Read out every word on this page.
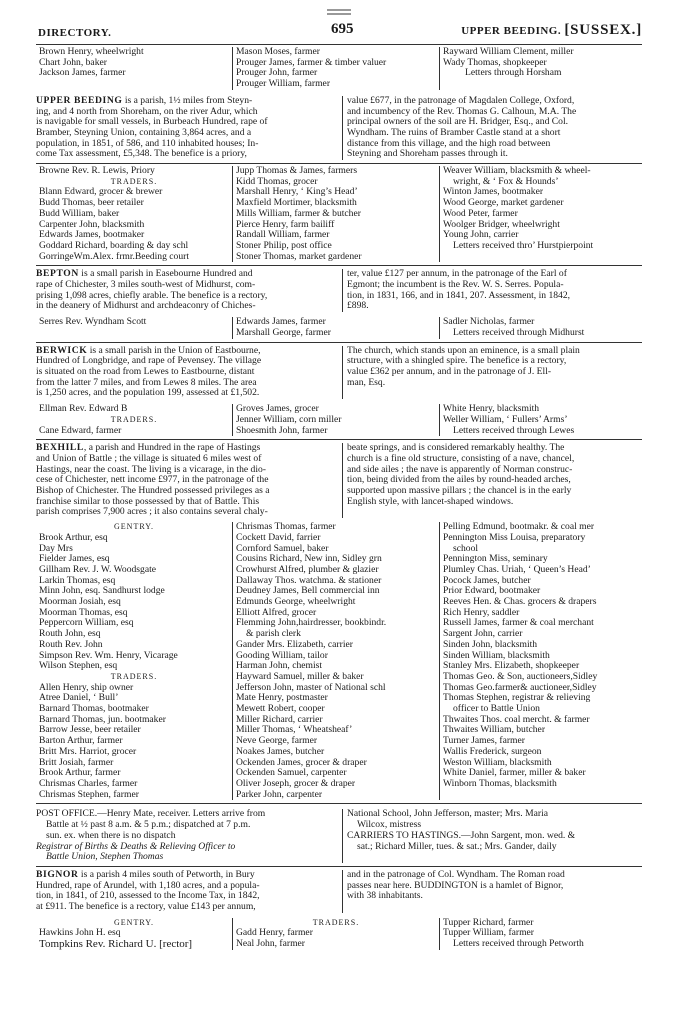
DIRECTORY.	695	UPPER BEEDING. [SUSSEX.]
Brown Henry, wheelwright
Chart John, baker
Jackson James, farmer
Mason Moses, farmer
Prouger James, farmer & timber valuer
Prouger John, farmer
Prouger William, farmer
Rayward William Clement, miller
Wady Thomas, shopkeeper
Letters through Horsham
UPPER BEEDING is a parish, 1½ miles from Steyn-
ing, and 4 north from Shoreham, on the river Adur, which
is navigable for small vessels, in Burbeach Hundred, rape of
Bramber, Steyning Union, containing 3,864 acres, and a
population, in 1851, of 586, and 110 inhabited houses; In-
come Tax assessment, £5,348. The benefice is a priory,
value £677, in the patronage of Magdalen College, Oxford,
and incumbency of the Rev. Thomas G. Calhoun, M.A. The
principal owners of the soil are H. Bridger, Esq., and Col.
Wyndham. The ruins of Bramber Castle stand at a short
distance from this village, and the high road between
Steyning and Shoreham passes through it.
Browne Rev. R. Lewis, Priory
TRADERS.
Blann Edward, grocer & brewer
Budd Thomas, beer retailer
Budd William, baker
Carpenter John, blacksmith
Edwards James, bootmaker
Goddard Richard, boarding & day schl
GorringeWm.Alex. frmr.Beeding court
Jupp Thomas & James, farmers
Kidd Thomas, grocer
Marshall Henry, ‘ King’s Head’
Maxfield Mortimer, blacksmith
Mills William, farmer & butcher
Pierce Henry, farm bailiff
Randall William, farmer
Stoner Philip, post office
Stoner Thomas, market gardener
Weaver William, blacksmith & wheel-
wright, & ‘ Fox & Hounds’
Winton James, bootmaker
Wood George, market gardener
Wood Peter, farmer
Woolger Bridger, wheelwright
Young John, carrier
Letters received thro’ Hurstpierpoint
BEPTON is a small parish in Easebourne Hundred and
rape of Chichester, 3 miles south-west of Midhurst, com-
prising 1,098 acres, chiefly arable. The benefice is a rectory,
in the deanery of Midhurst and archdeaconry of Chiches-
ter, value £127 per annum, in the patronage of the Earl of
Egmont; the incumbent is the Rev. W. S. Serres. Popula-
tion, in 1831, 166, and in 1841, 207. Assessment, in 1842,
£898.
Serres Rev. Wyndham Scott	Edwards James, farmer
Marshall George, farmer
Sadler Nicholas, farmer
Letters received through Midhurst
BERWICK is a small parish in the Union of Eastbourne,
Hundred of Longbridge, and rape of Pevensey. The village
is situated on the road from Lewes to Eastbourne, distant
from the latter 7 miles, and from Lewes 8 miles. The area
is 1,250 acres, and the population 199, assessed at £1,502.
The church, which stands upon an eminence, is a small plain
structure, with a shingled spire. The benefice is a rectory,
value £362 per annum, and in the patronage of J. Ell-
man, Esq.
Ellman Rev. Edward B
TRADERS.
Cane Edward, farmer
Groves James, grocer
Jenner William, corn miller
Shoesmith John, farmer
White Henry, blacksmith
Weller William, ‘ Fullers’ Arms’
Letters received through Lewes
BEXHILL, a parish and Hundred in the rape of Hastings
and Union of Battle ; the village is situated 6 miles west of
Hastings, near the coast. The living is a vicarage, in the dio-
cese of Chichester, nett income £977, in the patronage of the
Bishop of Chichester. The Hundred possessed privileges as a
franchise similar to those possessed by that of Battle. This
parish comprises 7,900 acres ; it also contains several chaly-
beate springs, and is considered remarkably healthy. The
church is a fine old structure, consisting of a nave, chancel,
and side ailes ; the nave is apparently of Norman construc-
tion, being divided from the ailes by round-headed arches,
supported upon massive pillars ; the chancel is in the early
English style, with lancet-shaped windows.
GENTRY.
Brook Arthur, esq
Day Mrs
Fielder James, esq
Gillham Rev. J. W. Woodsgate
Larkin Thomas, esq
Minn John, esq. Sandhurst lodge
Moorman Josiah, esq
Moorman Thomas, esq
Peppercorn William, esq
Routh John, esq
Routh Rev. John
Simpson Rev. Wm. Henry, Vicarage
Wilson Stephen, esq
TRADERS.
Allen Henry, ship owner
Atree Daniel, ‘ Bull’
Barnard Thomas, bootmaker
Barnard Thomas, jun. bootmaker
Barrow Jesse, beer retailer
Barton Arthur, farmer
Britt Mrs. Harriot, grocer
Britt Josiah, farmer
Brook Arthur, farmer
Chrismas Charles, farmer
Chrismas Stephen, farmer
Chrismas Thomas, farmer
Cockett David, farrier
Cornford Samuel, baker
Cousins Richard, New inn, Sidley grn
Crowhurst Alfred, plumber & glazier
Dallaway Thos. watchma. & stationer
Deudney James, Bell commercial inn
Edmunds George, wheelwright
Elliott Alfred, grocer
Flemming John,hairdresser, bookbindr.
& parish clerk
Gander Mrs. Elizabeth, carrier
Gooding William, tailor
Harman John, chemist
Hayward Samuel, miller & baker
Jefferson John, master of National schl
Mate Henry, postmaster
Mewett Robert, cooper
Miller Richard, carrier
Miller Thomas, ‘ Wheatsheaf’
Neve George, farmer
Noakes James, butcher
Ockenden James, grocer & draper
Ockenden Samuel, carpenter
Oliver Joseph, grocer & draper
Parker John, carpenter
Pelling Edmund, bootmakr. & coal mer
Pennington Miss Louisa, preparatory
school
Pennington Miss, seminary
Plumley Chas. Uriah, ‘ Queen’s Head’
Pocock James, butcher
Prior Edward, bootmaker
Reeves Hen. & Chas. grocers & drapers
Rich Henry, saddler
Russell James, farmer & coal merchant
Sargent John, carrier
Sinden John, blacksmith
Sinden William, blacksmith
Stanley Mrs. Elizabeth, shopkeeper
Thomas Geo. & Son, auctioneers,Sidley
Thomas Geo.farmer& auctioneer,Sidley
Thomas Stephen, registrar & relieving
officer to Battle Union
Thwaites Thos. coal mercht. & farmer
Thwaites William, butcher
Turner James, farmer
Wallis Frederick, surgeon
Weston William, blacksmith
White Daniel, farmer, miller & baker
Winborn Thomas, blacksmith
POST OFFICE.—Henry Mate, receiver. Letters arrive from
Battle at ½ past 8 a.m. & 5 p.m.; dispatched at 7 p.m.
sun. ex. when there is no dispatch
Registrar of Births & Deaths & Relieving Officer to
Battle Union, Stephen Thomas
National School, John Jefferson, master; Mrs. Maria
Wilcox, mistress
CARRIERS TO HASTINGS.—John Sargent, mon. wed. &
sat.; Richard Miller, tues. & sat.; Mrs. Gander, daily
BIGNOR is a parish 4 miles south of Petworth, in Bury
Hundred, rape of Arundel, with 1,180 acres, and a popula-
tion, in 1841, of 210, assessed to the Income Tax, in 1842,
at £911. The benefice is a rectory, value £143 per annum,
and in the patronage of Col. Wyndham. The Roman road
passes near here. BUDDINGTON is a hamlet of Bignor,
with 38 inhabitants.
GENTRY.
Hawkins John H. esq
Tompkins Rev. Richard U. [rector]
TRADERS.
Gadd Henry, farmer
Neal John, farmer
Tupper Richard, farmer
Tupper William, farmer
Letters received through Petworth
